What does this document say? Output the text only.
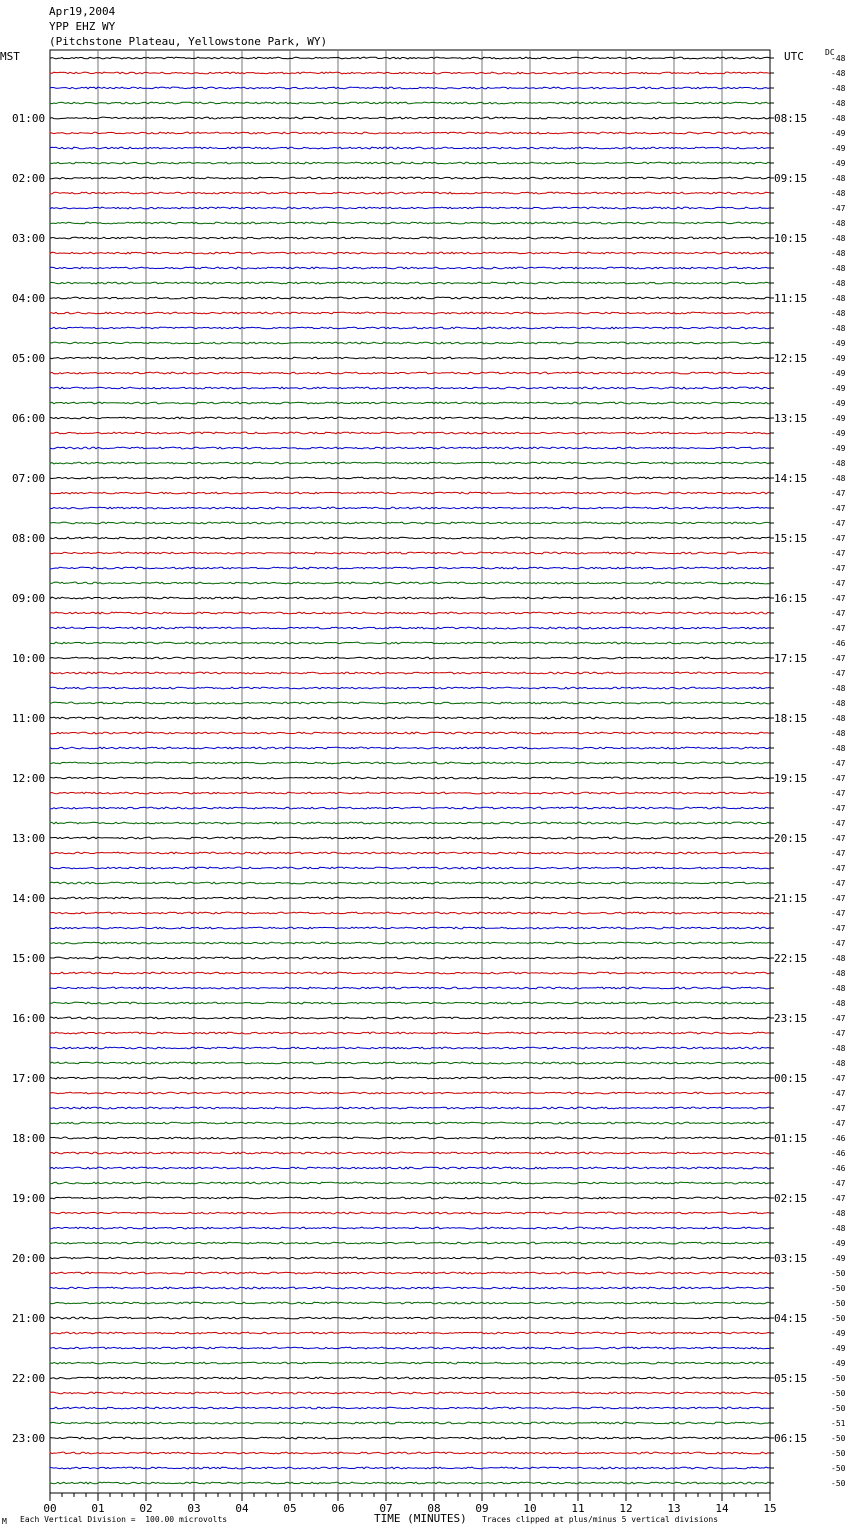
Apr19,2004
YPP EHZ WY
(Pitchstone Plateau, Yellowstone Park, WY)
MST	UTC	DC
-48
-48
-48
-48
-48
-49
-49
-49
-48
-48
-47
-48
-48
-48
-48
-48
-48
-48
-48
-49
-49
-49
-49
-49
-49
-49
-49
-48
-48
-47
-47
-47
-47
-47
-47
-47
-47
-47
-47
-46
-47
-47
-48
-48
-48
-48
-48
-47
-47
-47
-47
-47
-47
-47
-47
-47
-47
-47
-47
-47
-48
-48
-48
-48
-47
-47
-48
-48
-47
-47
-47
-47
-46
-46
-46
-47
-47
-48
-48
-49
-49
-50
-50
-50
-50
-49
-49
-49
-50
-50
-50
-51
-50
-50
-50
-50
01:00
02:00
03:00
04:00
05:00
06:00
07:00
08:00
09:00
10:00
11:00
12:00
13:00
14:00
15:00
16:00
17:00
18:00
19:00
20:00
21:00
22:00
23:00
08:15
09:15
10:15
11:15
12:15
13:15
14:15
15:15
16:15
17:15
18:15
19:15
20:15
21:15
22:15
23:15
00:15
01:15
02:15
03:15
04:15
05:15
06:15
00	01	02	03	04	05	06	07	08	09	10	11	12	13	14	15
M Each Vertical Division =  100.00 microvolts	TIME (MINUTES) Traces clipped at plus/minus 5 vertical divisions
